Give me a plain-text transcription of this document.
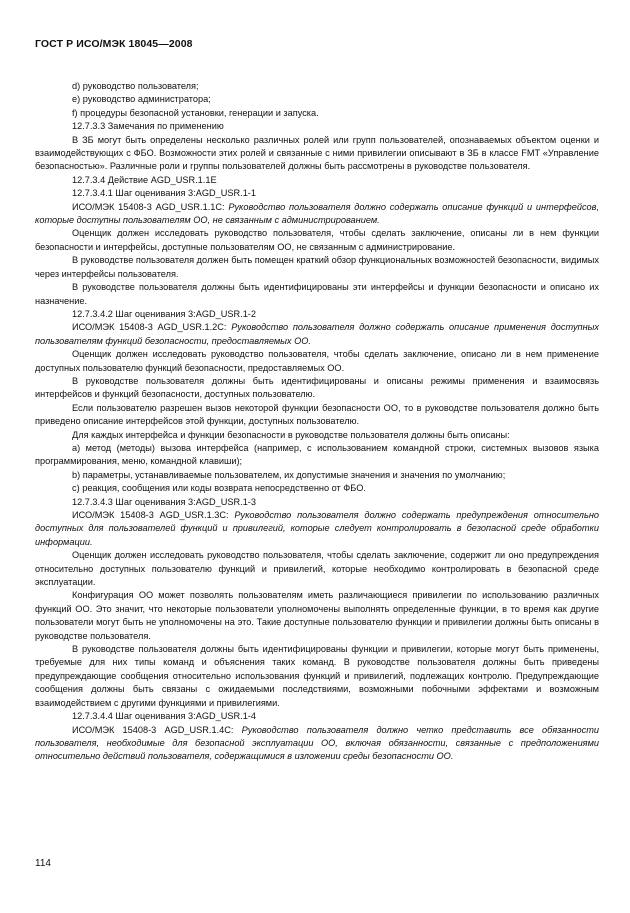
ГОСТ Р ИСО/МЭК 18045—2008

d) руководство пользователя;

e) руководство администратора;

f) процедуры безопасной установки, генерации и запуска.

12.7.3.3 Замечания по применению

В ЗБ могут быть определены несколько различных ролей или групп пользователей, опознаваемых объектом оценки и взаимодействующих с ФБО. Возможности этих ролей и связанные с ними привилегии описывают в ЗБ в классе FMT «Управление безопасностью». Различные роли и группы пользователей должны быть рассмотрены в руководстве пользователя.

12.7.3.4 Действие AGD_USR.1.1E

12.7.3.4.1 Шаг оценивания 3:AGD_USR.1-1

ИСО/МЭК 15408-3 AGD_USR.1.1C: Руководство пользователя должно содержать описание функций и интерфейсов, которые доступны пользователям ОО, не связанным с администрированием.

Оценщик должен исследовать руководство пользователя, чтобы сделать заключение, описаны ли в нем функции безопасности и интерфейсы, доступные пользователям ОО, не связанным с администрирование.

В руководстве пользователя должен быть помещен краткий обзор функциональных возможностей безопасности, видимых через интерфейсы пользователя.

В руководстве пользователя должны быть идентифицированы эти интерфейсы и функции безопасности и описано их назначение.

12.7.3.4.2 Шаг оценивания 3:AGD_USR.1-2

ИСО/МЭК 15408-3 AGD_USR.1.2C: Руководство пользователя должно содержать описание применения доступных пользователям функций безопасности, предоставляемых ОО.

Оценщик должен исследовать руководство пользователя, чтобы сделать заключение, описано ли в нем применение доступных пользователю функций безопасности, предоставляемых ОО.

В руководстве пользователя должны быть идентифицированы и описаны режимы применения и взаимосвязь интерфейсов и функций безопасности, доступных пользователю.

Если пользователю разрешен вызов некоторой функции безопасности ОО, то в руководстве пользователя должно быть приведено описание интерфейсов этой функции, доступных пользователю.

Для каждых интерфейса и функции безопасности в руководстве пользователя должны быть описаны:

a) метод (методы) вызова интерфейса (например, с использованием командной строки, системных вызовов языка программирования, меню, командной клавиши);

b) параметры, устанавливаемые пользователем, их допустимые значения и значения по умолчанию;

c) реакция, сообщения или коды возврата непосредственно от ФБО.

12.7.3.4.3 Шаг оценивания 3:AGD_USR.1-3

ИСО/МЭК 15408-3 AGD_USR.1.3C: Руководство пользователя должно содержать предупреждения относительно доступных для пользователей функций и привилегий, которые следует контролировать в безопасной среде обработки информации.

Оценщик должен исследовать руководство пользователя, чтобы сделать заключение, содержит ли оно предупреждения относительно доступных пользователю функций и привилегий, которые необходимо контролировать в безопасной среде эксплуатации.

Конфигурация ОО может позволять пользователям иметь различающиеся привилегии по использованию различных функций ОО. Это значит, что некоторые пользователи уполномочены выполнять определенные функции, в то время как другие пользователи могут быть не уполномочены на это. Такие доступные пользователю функции и привилегии должны быть описаны в руководстве пользователя.

В руководстве пользователя должны быть идентифицированы функции и привилегии, которые могут быть применены, требуемые для них типы команд и объяснения таких команд. В руководстве пользователя должны быть приведены предупреждающие сообщения относительно использования функций и привилегий, подлежащих контролю. Предупреждающие сообщения должны быть связаны с ожидаемыми последствиями, возможными побочными эффектами и возможным взаимодействием с другими функциями и привилегиями.

12.7.3.4.4 Шаг оценивания 3:AGD_USR.1-4

ИСО/МЭК 15408-3 AGD_USR.1.4C: Руководство пользователя должно четко представить все обязанности пользователя, необходимые для безопасной эксплуатации ОО, включая обязанности, связанные с предположениями относительно действий пользователя, содержащимися в изложении среды безопасности ОО.

114
